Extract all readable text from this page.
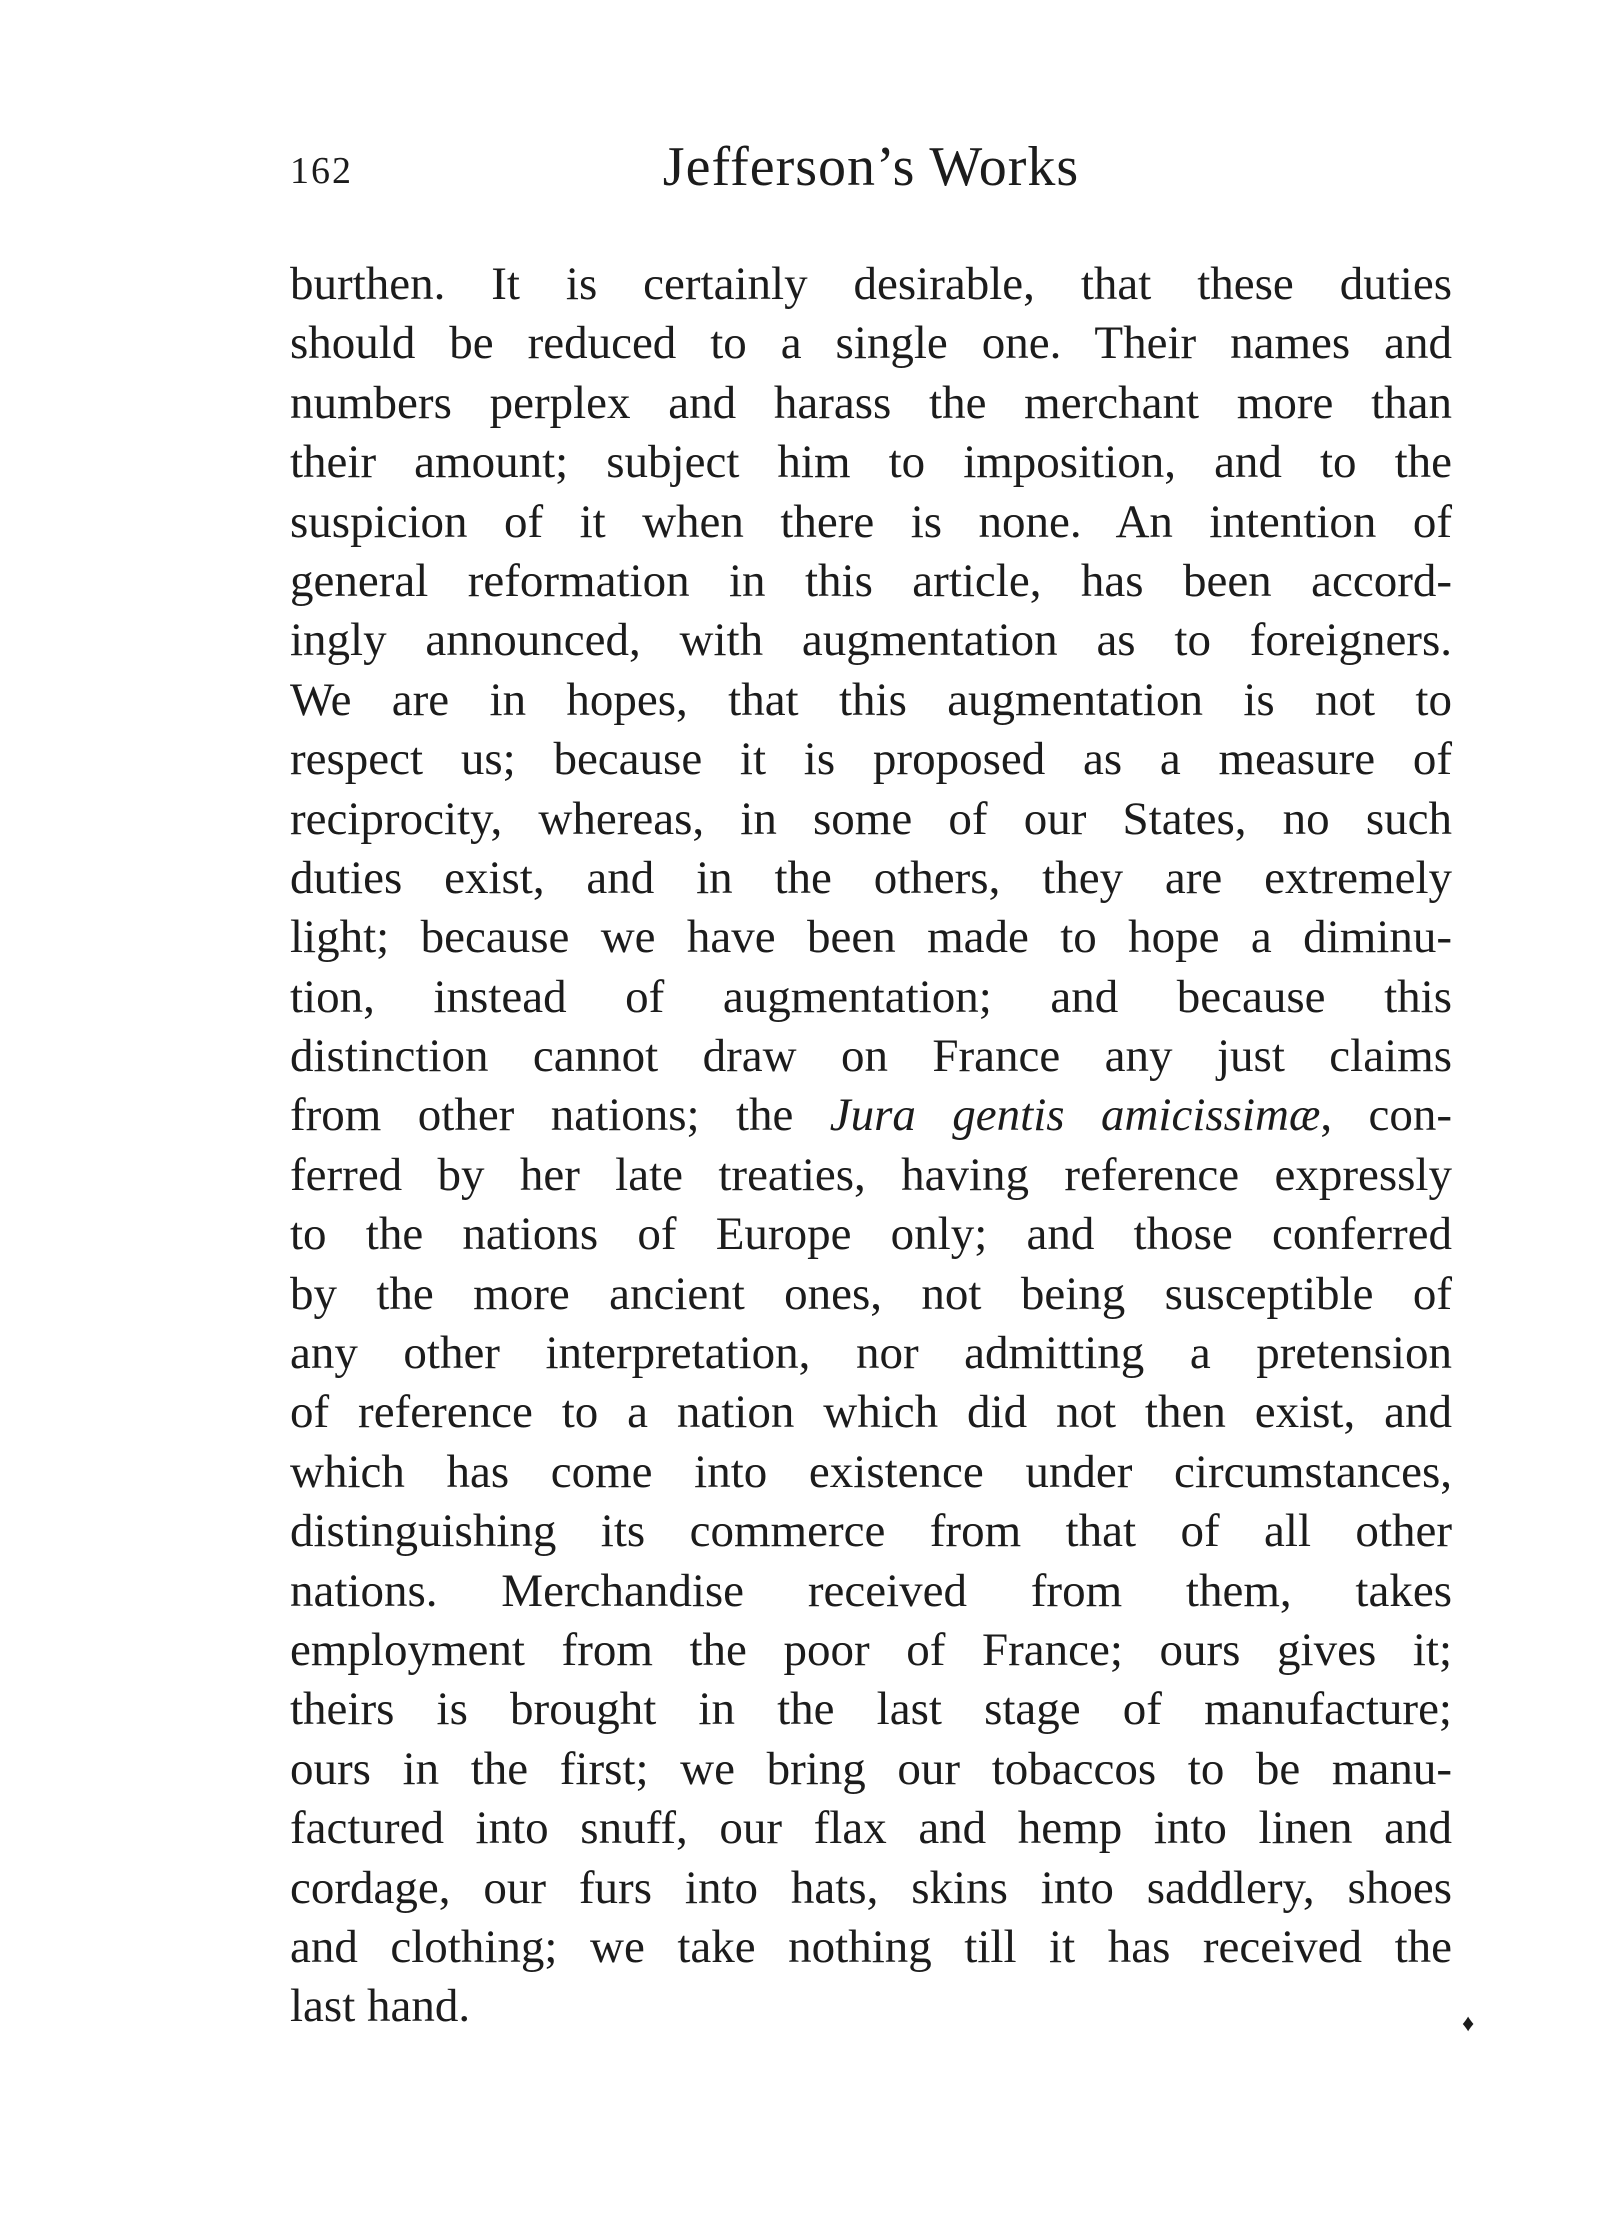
162	Jefferson’s Works
burthen. It is certainly desirable, that these duties
should be reduced to a single one. Their names and
numbers perplex and harass the merchant more than
their amount; subject him to imposition, and to the
suspicion of it when there is none. An intention of
general reformation in this article, has been accord-
ingly announced, with augmentation as to foreigners.
We are in hopes, that this augmentation is not to
respect us; because it is proposed as a measure of
reciprocity, whereas, in some of our States, no such
duties exist, and in the others, they are extremely
light; because we have been made to hope a diminu-
tion, instead of augmentation; and because this
distinction cannot draw on France any just claims
from other nations; the Jura gentis amicissimæ, con-
ferred by her late treaties, having reference expressly
to the nations of Europe only; and those conferred
by the more ancient ones, not being susceptible of
any other interpretation, nor admitting a pretension
of reference to a nation which did not then exist, and
which has come into existence under circumstances,
distinguishing its commerce from that of all other
nations. Merchandise received from them, takes
employment from the poor of France; ours gives it;
theirs is brought in the last stage of manufacture;
ours in the first; we bring our tobaccos to be manu-
factured into snuff, our flax and hemp into linen and
cordage, our furs into hats, skins into saddlery, shoes
and clothing; we take nothing till it has received the
last hand.	♦
